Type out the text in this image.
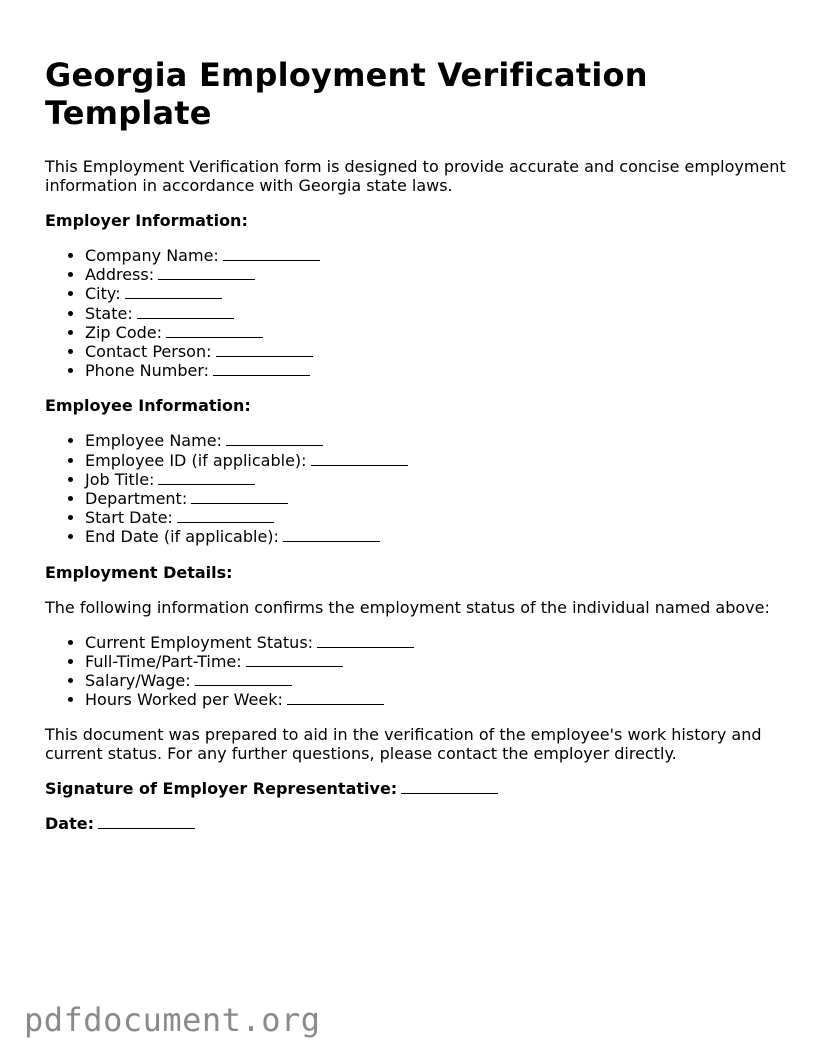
Georgia Employment Verification Template

This Employment Verification form is designed to provide accurate and concise employment information in accordance with Georgia state laws.

Employer Information:
• Company Name:
• Address:
• City:
• State:
• Zip Code:
• Contact Person:
• Phone Number:
Employee Information:
• Employee Name:
• Employee ID (if applicable):
• Job Title:
• Department:
• Start Date:
• End Date (if applicable):
Employment Details:

The following information confirms the employment status of the individual named above:

• Current Employment Status:
• Full-Time/Part-Time:
• Salary/Wage:
• Hours Worked per Week:

This document was prepared to aid in the verification of the employee's work history and current status. For any further questions, please contact the employer directly.

Signature of Employer Representative:
Date:
pdfdocument.org
